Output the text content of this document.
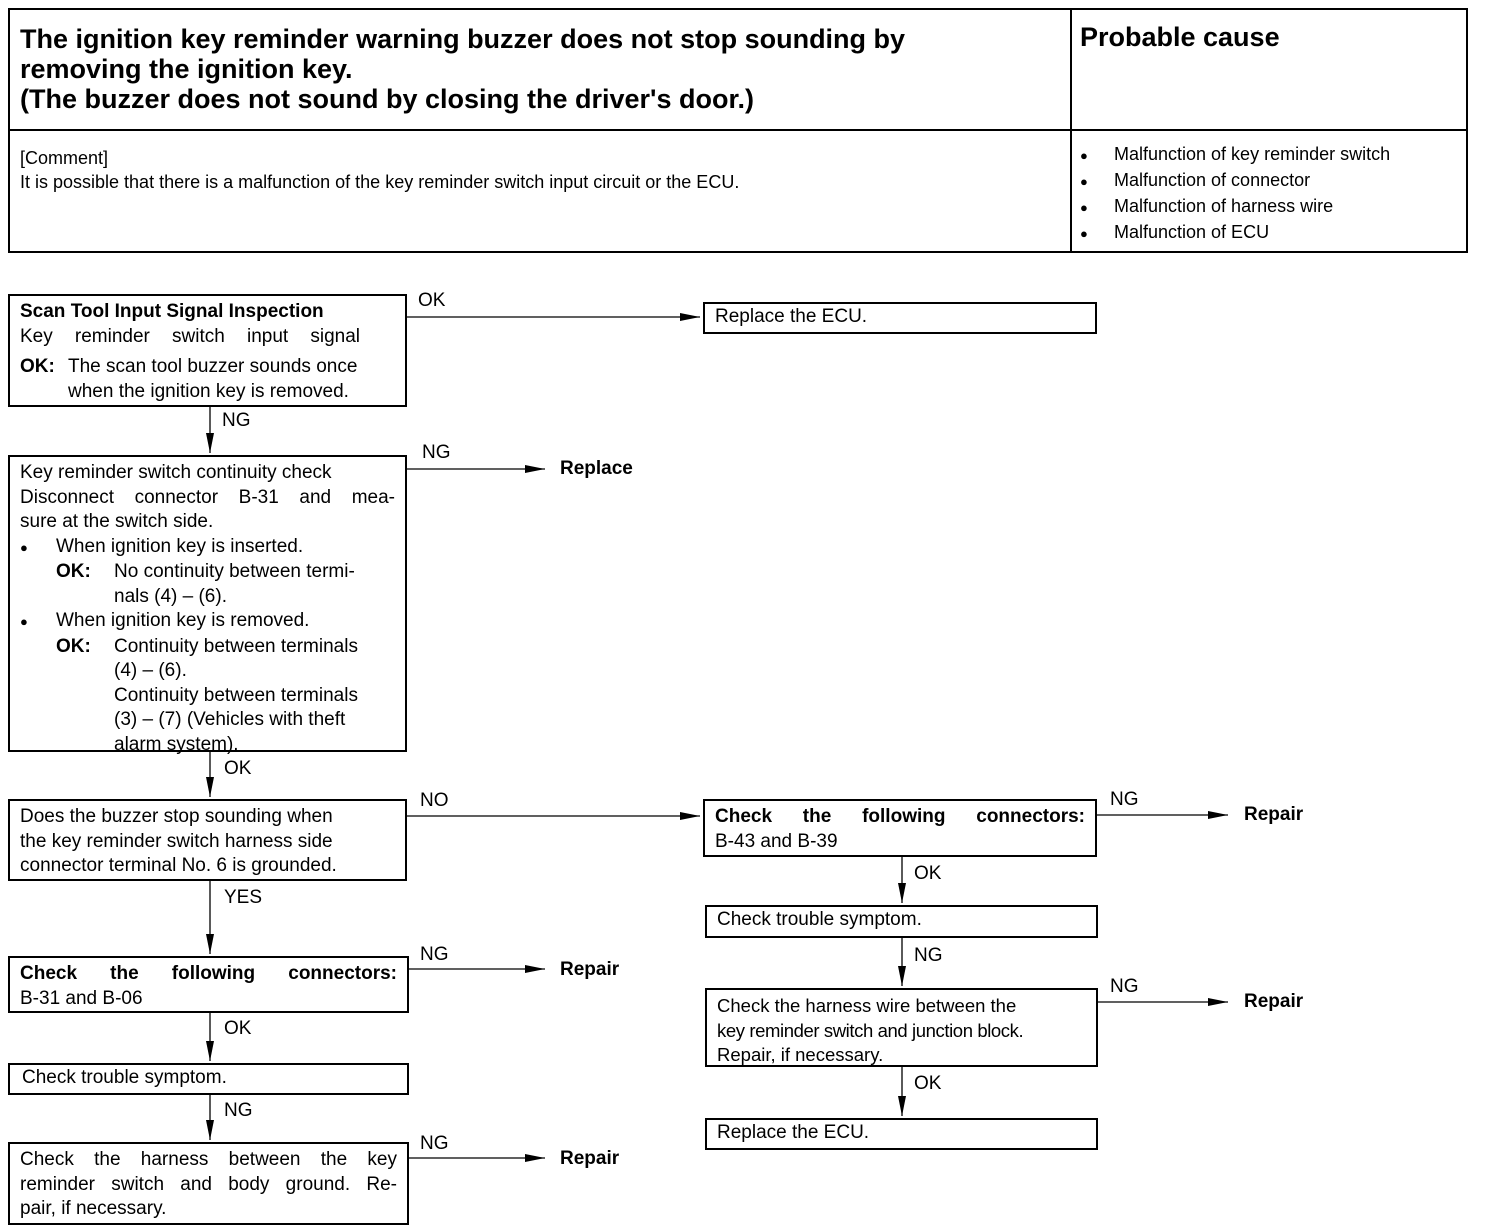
The ignition key reminder warning buzzer does not stop sounding by
removing the ignition key.
(The buzzer does not sound by closing the driver's door.)
Probable cause
[Comment]
It is possible that there is a malfunction of the key reminder switch input circuit or the ECU.
● Malfunction of key reminder switch
● Malfunction of connector
● Malfunction of harness wire
● Malfunction of ECU
Scan Tool Input Signal Inspection
Key reminder switch input signal
OK: The scan tool buzzer sounds once
when the ignition key is removed.
OK
Replace the ECU.
NG
Key reminder switch continuity check
Disconnect connector B-31 and mea-
sure at the switch side.
● When ignition key is inserted.
OK:	No continuity between termi-
nals (4) – (6).
● When ignition key is removed.
OK:	Continuity between terminals
(4) – (6).
Continuity between terminals
(3) – (7) (Vehicles with theft
alarm system).
NG
Replace
OK
Does the buzzer stop sounding when
the key reminder switch harness side
connector terminal No. 6 is grounded.
NO
YES
Check the following connectors:
B-43 and B-39
NG
Repair
OK
Check trouble symptom.
NG
Check the harness wire between the
key reminder switch and junction block.
Repair, if necessary.
NG
Repair
OK
Replace the ECU.
Check the following connectors:
B-31 and B-06
NG
Repair
OK
Check trouble symptom.
NG
Check the harness between the key
reminder switch and body ground. Re-
pair, if necessary.
NG
Repair
